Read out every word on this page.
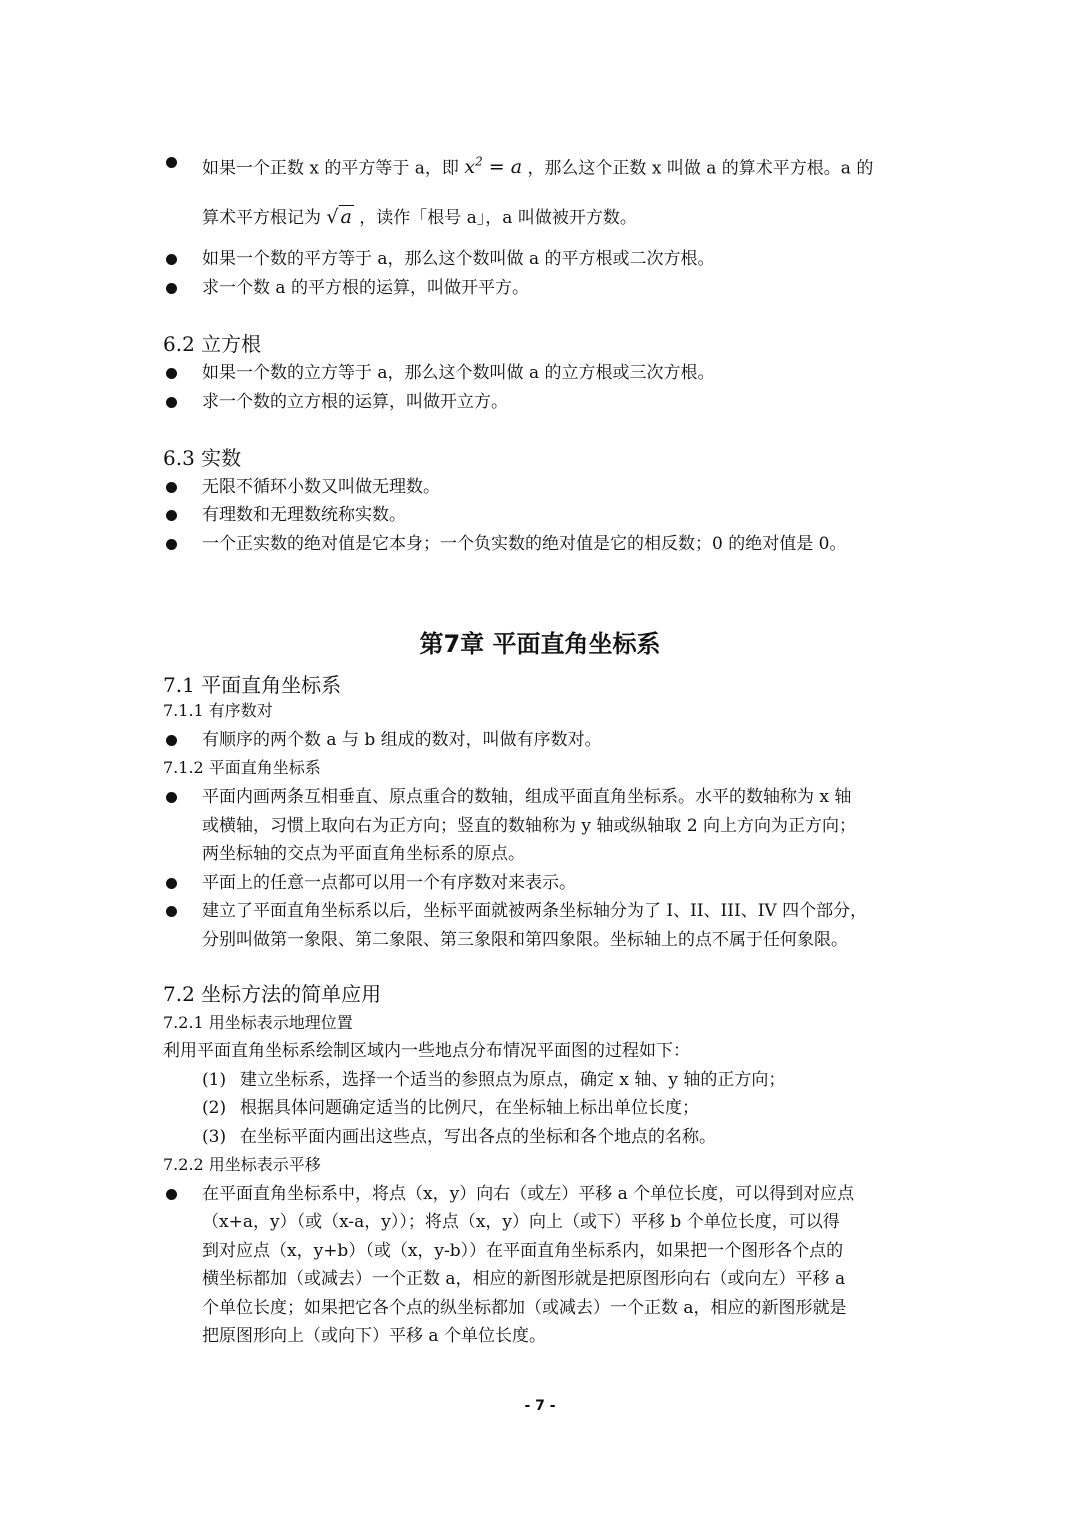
如果一个正数 x 的平方等于 a，即 $x^2 = a$ ，那么这个正数 x 叫做 a 的算术平方根。a 的
算术平方根记为 √ a ，读作「根号 a」，a 叫做被开方数。
如果一个数的平方等于 a，那么这个数叫做 a 的平方根或二次方根。
求一个数 a 的平方根的运算，叫做开平方。
6.2 立方根
如果一个数的立方等于 a，那么这个数叫做 a 的立方根或三次方根。
求一个数的立方根的运算，叫做开立方。
6.3 实数
无限不循环小数又叫做无理数。
有理数和无理数统称实数。
一个正实数的绝对值是它本身；一个负实数的绝对值是它的相反数；0 的绝对值是 0。
第7章 平面直角坐标系
7.1 平面直角坐标系
7.1.1 有序数对
有顺序的两个数 a 与 b 组成的数对，叫做有序数对。
7.1.2 平面直角坐标系
平面内画两条互相垂直、原点重合的数轴，组成平面直角坐标系。水平的数轴称为 x 轴
或横轴，习惯上取向右为正方向；竖直的数轴称为 y 轴或纵轴取 2 向上方向为正方向；
两坐标轴的交点为平面直角坐标系的原点。
平面上的任意一点都可以用一个有序数对来表示。
建立了平面直角坐标系以后，坐标平面就被两条坐标轴分为了 I、II、III、IV 四个部分，
分别叫做第一象限、第二象限、第三象限和第四象限。坐标轴上的点不属于任何象限。
7.2 坐标方法的简单应用
7.2.1 用坐标表示地理位置
利用平面直角坐标系绘制区域内一些地点分布情况平面图的过程如下：
(1) 建立坐标系，选择一个适当的参照点为原点，确定 x 轴、y 轴的正方向；
(2) 根据具体问题确定适当的比例尺，在坐标轴上标出单位长度；
(3) 在坐标平面内画出这些点，写出各点的坐标和各个地点的名称。
7.2.2 用坐标表示平移
在平面直角坐标系中，将点（x，y）向右（或左）平移 a 个单位长度，可以得到对应点
（x+a，y）（或（x-a，y））；将点（x，y）向上（或下）平移 b 个单位长度，可以得
到对应点（x，y+b）（或（x，y-b））在平面直角坐标系内，如果把一个图形各个点的
横坐标都加（或减去）一个正数 a，相应的新图形就是把原图形向右（或向左）平移 a
个单位长度；如果把它各个点的纵坐标都加（或减去）一个正数 a，相应的新图形就是
把原图形向上（或向下）平移 a 个单位长度。
- 7 -
